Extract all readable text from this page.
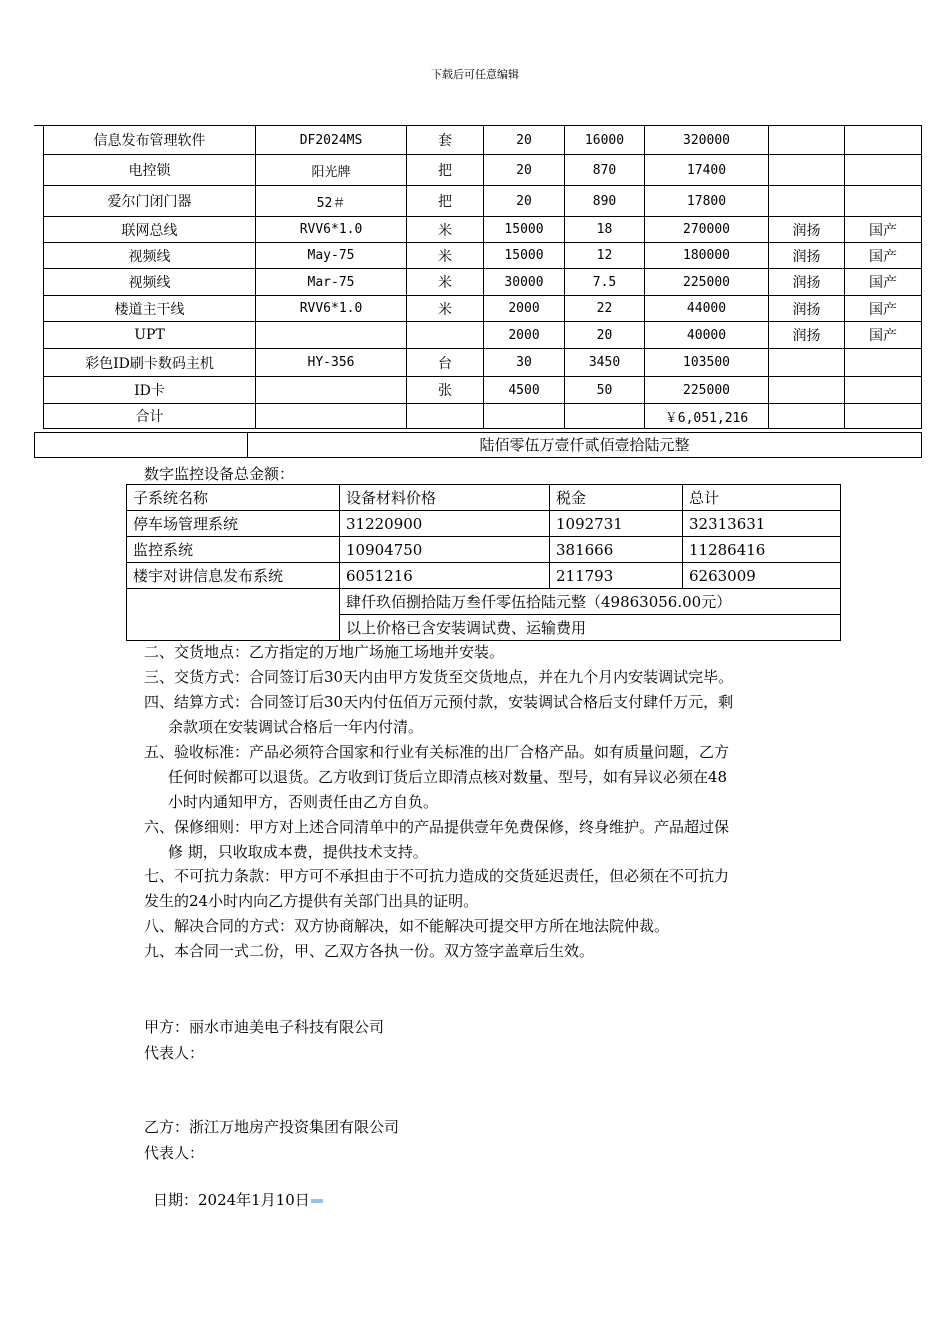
下载后可任意编辑
信息发布管理软件	DF2024MS	套	20	16000	320000		
电控锁	阳光牌	把	20	870	17400		
爱尔门闭门器	52＃	把	20	890	17800		
联网总线	RVV6*1.0	米	15000	18	270000	润扬	国产
视频线	May-75	米	15000	12	180000	润扬	国产
视频线	Mar-75	米	30000	7.5	225000	润扬	国产
楼道主干线	RVV6*1.0	米	2000	22	44000	润扬	国产
UPT			2000	20	40000	润扬	国产
彩色ID刷卡数码主机	HY-356	台	30	3450	103500		
ID卡		张	4500	50	225000		
合计					￥6,051,216		
陆佰零伍万壹仟贰佰壹拾陆元整
数字监控设备总金额：
子系统名称	设备材料价格	税金	总计
停车场管理系统	31220900	1092731	32313631
监控系统	10904750	381666	11286416
楼宇对讲信息发布系统	6051216	211793	6263009
	肆仟玖佰捌拾陆万叁仟零伍拾陆元整（49863056.00元）		
	以上价格已含安装调试费、运输费用		
二、交货地点：乙方指定的万地广场施工场地并安装。
三、交货方式：合同签订后30天内由甲方发货至交货地点，并在九个月内安装调试完毕。
四、结算方式：合同签订后30天内付伍佰万元预付款，安装调试合格后支付肆仟万元，剩
余款项在安装调试合格后一年内付清。
五、验收标准：产品必须符合国家和行业有关标准的出厂合格产品。如有质量问题，乙方
任何时候都可以退货。乙方收到订货后立即清点核对数量、型号，如有异议必须在48
小时内通知甲方，否则责任由乙方自负。
六、保修细则：甲方对上述合同清单中的产品提供壹年免费保修，终身维护。产品超过保
修 期，只收取成本费，提供技术支持。
七、不可抗力条款：甲方可不承担由于不可抗力造成的交货延迟责任，但必须在不可抗力
发生的24小时内向乙方提供有关部门出具的证明。
八、解决合同的方式：双方协商解决，如不能解决可提交甲方所在地法院仲裁。
九、本合同一式二份，甲、乙双方各执一份。双方签字盖章后生效。
甲方：丽水市迪美电子科技有限公司
代表人：
乙方：浙江万地房产投资集团有限公司
代表人：
日期：2024年1月10日
